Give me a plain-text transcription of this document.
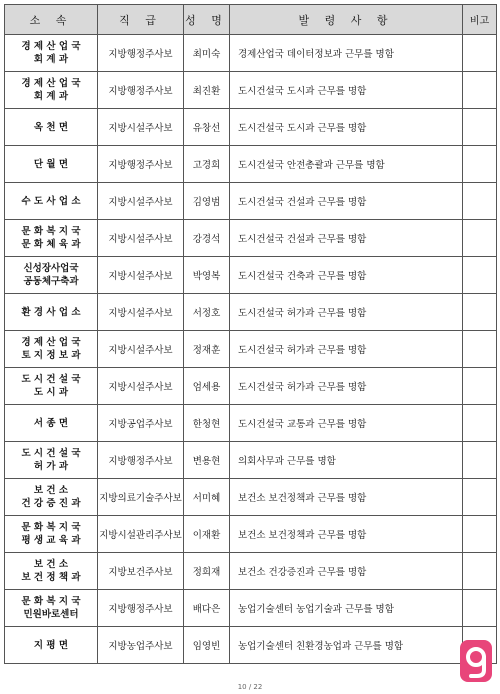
소 속	직 급	성 명	발 령 사 항	비고

경 제 산 업 국
회 계 과	지방행정주사보	최미숙	경제산업국 데이터정보과 근무를 명함	

경 제 산 업 국
회 계 과	지방행정주사보	최진환	도시건설국 도시과 근무를 명함	

옥 천 면	지방시설주사보	유창선	도시건설국 도시과 근무를 명함	

단 월 면	지방행정주사보	고경희	도시건설국 안전총괄과 근무를 명함	

수 도 사 업 소	지방시설주사보	김영범	도시건설국 건설과 근무를 명함	

문 화 복 지 국
문 화 체 육 과	지방시설주사보	강경석	도시건설국 건설과 근무를 명함	

신성장사업국
공동체구축과	지방시설주사보	박영복	도시건설국 건축과 근무를 명함	

환 경 사 업 소	지방시설주사보	서정호	도시건설국 허가과 근무를 명함	

경 제 산 업 국
토 지 정 보 과	지방시설주사보	정재훈	도시건설국 허가과 근무를 명함	

도 시 건 설 국
도 시 과	지방시설주사보	엄세용	도시건설국 허가과 근무를 명함	

서 종 면	지방공업주사보	한청현	도시건설국 교통과 근무를 명함	

도 시 건 설 국
허 가 과	지방행정주사보	변용현	의회사무과 근무를 명함	

보 건 소
건 강 증 진 과	지방의료기술주사보	서미혜	보건소 보건정책과 근무를 명함	

문 화 복 지 국
평 생 교 육 과	지방시설관리주사보	이재환	보건소 보건정책과 근무를 명함	

보 건 소
보 건 정 책 과	지방보건주사보	정희재	보건소 건강증진과 근무를 명함	

문 화 복 지 국
민원바로센터	지방행정주사보	배다은	농업기술센터 농업기술과 근무를 명함	

지 평 면	지방농업주사보	임영빈	농업기술센터 친환경농업과 근무를 명함	
10 / 22
